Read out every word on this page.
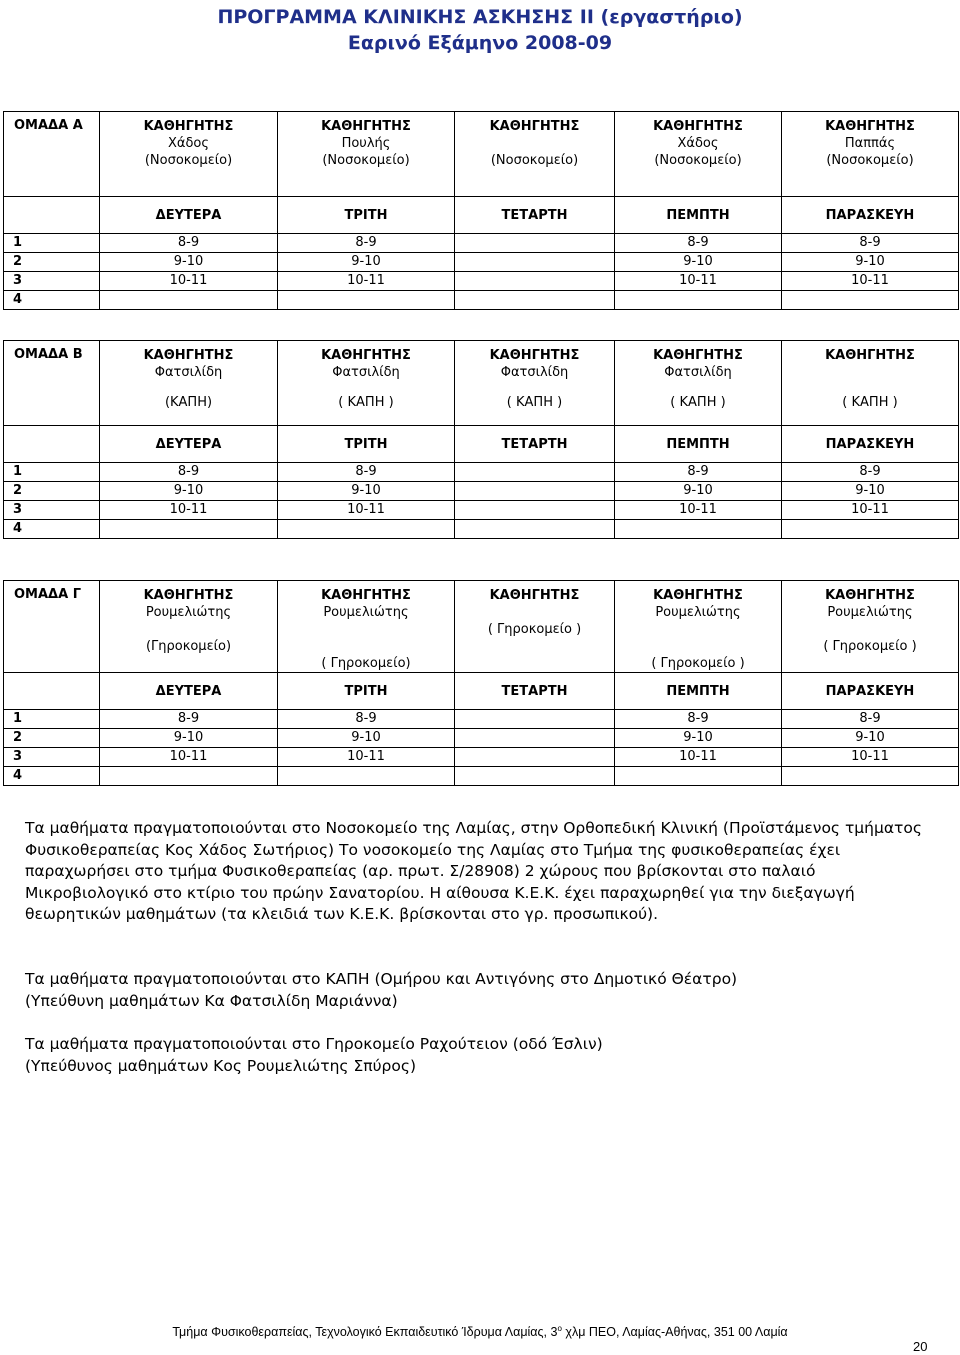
ΠΡΟΓΡΑΜΜΑ ΚΛΙΝΙΚΗΣ ΑΣΚΗΣΗΣ ΙΙ (εργαστήριο)
Εαρινό Εξάμηνο 2008-09
ΟΜΑΔΑ Α	ΚΑΘΗΓΗΤΗΣ
Χάδος
(Νοσοκομείο)	ΚΑΘΗΓΗΤΗΣ
Πουλής
(Νοσοκομείο)	ΚΑΘΗΓΗΤΗΣ
(Νοσοκομείο)	ΚΑΘΗΓΗΤΗΣ
Χάδος
(Νοσοκομείο)	ΚΑΘΗΓΗΤΗΣ
Παππάς
(Νοσοκομείο)

	ΔΕΥΤΕΡΑ	ΤΡΙΤΗ	ΤΕΤΑΡΤΗ	ΠΕΜΠΤΗ	ΠΑΡΑΣΚΕΥΗ
1	8-9	8-9		8-9	8-9
2	9-10	9-10		9-10	9-10
3	10-11	10-11		10-11	10-11
4					
ΟΜΑΔΑ Β	ΚΑΘΗΓΗΤΗΣ
Φατσιλίδη
(ΚΑΠΗ)	ΚΑΘΗΓΗΤΗΣ
Φατσιλίδη
( ΚΑΠΗ )	ΚΑΘΗΓΗΤΗΣ
Φατσιλίδη
( ΚΑΠΗ )	ΚΑΘΗΓΗΤΗΣ
Φατσιλίδη
( ΚΑΠΗ )	ΚΑΘΗΓΗΤΗΣ
( ΚΑΠΗ )

	ΔΕΥΤΕΡΑ	ΤΡΙΤΗ	ΤΕΤΑΡΤΗ	ΠΕΜΠΤΗ	ΠΑΡΑΣΚΕΥΗ
1	8-9	8-9		8-9	8-9
2	9-10	9-10		9-10	9-10
3	10-11	10-11		10-11	10-11
4					
ΟΜΑΔΑ Γ	ΚΑΘΗΓΗΤΗΣ
Ρουμελιώτης
(Γηροκομείο)	ΚΑΘΗΓΗΤΗΣ
Ρουμελιώτης
( Γηροκομείο)	ΚΑΘΗΓΗΤΗΣ
( Γηροκομείο )	ΚΑΘΗΓΗΤΗΣ
Ρουμελιώτης
( Γηροκομείο )	ΚΑΘΗΓΗΤΗΣ
Ρουμελιώτης
( Γηροκομείο )

	ΔΕΥΤΕΡΑ	ΤΡΙΤΗ	ΤΕΤΑΡΤΗ	ΠΕΜΠΤΗ	ΠΑΡΑΣΚΕΥΗ
1	8-9	8-9		8-9	8-9
2	9-10	9-10		9-10	9-10
3	10-11	10-11		10-11	10-11
4					

Τα μαθήματα πραγματοποιούνται στο Νοσοκομείο της Λαμίας, στην Ορθοπεδική Κλινική (Προϊστάμενος τμήματος Φυσικοθεραπείας Κος Χάδος Σωτήριος) Το νοσοκομείο της Λαμίας στο Τμήμα της φυσικοθεραπείας έχει παραχωρήσει στο τμήμα Φυσικοθεραπείας (αρ. πρωτ. Σ/28908) 2 χώρους που βρίσκονται στο παλαιό Μικροβιολογικό στο κτίριο του πρώην Σανατορίου. Η αίθουσα Κ.Ε.Κ. έχει παραχωρηθεί για την διεξαγωγή θεωρητικών μαθημάτων (τα κλειδιά των Κ.Ε.Κ. βρίσκονται στο γρ. προσωπικού).

Τα μαθήματα πραγματοποιούνται στο ΚΑΠΗ (Ομήρου και Αντιγόνης στο Δημοτικό Θέατρο)
(Υπεύθυνη μαθημάτων Κα Φατσιλίδη Μαριάννα)
Τα μαθήματα πραγματοποιούνται στο Γηροκομείο Ραχούτειον (οδό Έσλιν)
(Υπεύθυνος μαθημάτων Κος Ρουμελιώτης Σπύρος)
Τμήμα Φυσικοθεραπείας, Τεχνολογικό Εκπαιδευτικό Ίδρυμα Λαμίας, $3^o$ χλμ ΠΕΟ, Λαμίας-Αθήνας, 351 00 Λαμία
20
